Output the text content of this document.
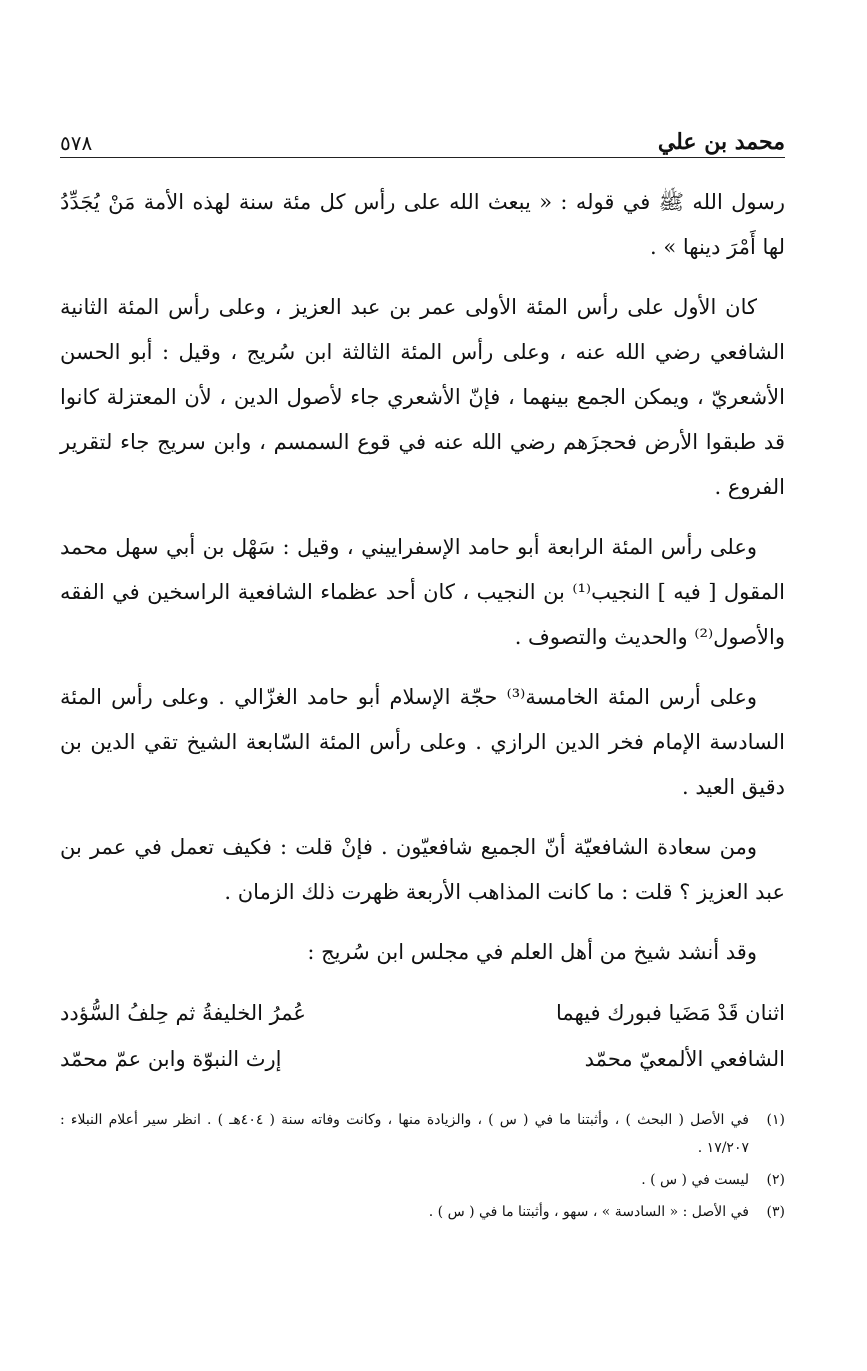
محمد بن علي
٥٧٨

رسول الله ﷺ في قوله : « يبعث الله على رأس كل مئة سنة لهذه الأمة مَنْ يُجَدِّدُ لها أَمْرَ دينها » .

كان الأول على رأس المئة الأولى عمر بن عبد العزيز ، وعلى رأس المئة الثانية الشافعي رضي الله عنه ، وعلى رأس المئة الثالثة ابن سُريج ، وقيل : أبو الحسن الأشعريّ ، ويمكن الجمع بينهما ، فإنّ الأشعري جاء لأصول الدين ، لأن المعتزلة كانوا قد طبقوا الأرض فحجزَهم رضي الله عنه في قوع السمسم ، وابن سريج جاء لتقرير الفروع .

وعلى رأس المئة الرابعة أبو حامد الإسفراييني ، وقيل : سَهْل بن أبي سهل محمد المقول [ فيه ] النجيب⁽¹⁾ بن النجيب ، كان أحد عظماء الشافعية الراسخين في الفقه والأصول⁽²⁾ والحديث والتصوف .

وعلى أرس المئة الخامسة⁽³⁾ حجّة الإسلام أبو حامد الغزّالي . وعلى رأس المئة السادسة الإمام فخر الدين الرازي . وعلى رأس المئة السّابعة الشيخ تقي الدين بن دقيق العيد .

ومن سعادة الشافعيّة أنّ الجميع شافعيّون . فإنْ قلت : فكيف تعمل في عمر بن عبد العزيز ؟ قلت : ما كانت المذاهب الأربعة ظهرت ذلك الزمان .

وقد أنشد شيخ من أهل العلم في مجلس ابن سُريج :

اثنان قَدْ مَضَيا فبورك فيهما
عُمرُ الخليفةُ ثم حِلفُ السُّؤدد
الشافعي الألمعيّ محمّد
إرث النبوّة وابن عمّ محمّد
(١)
في الأصل ( البحث ) ، وأثبتنا ما في ( س ) ، والزيادة منها ، وكانت وفاته سنة ( ٤٠٤هـ ) . انظر سير أعلام النبلاء : ١٧/٢٠٧ .
(٢)
ليست في ( س ) .
(٣)
في الأصل : « السادسة » ، سهو ، وأثبتنا ما في ( س ) .
